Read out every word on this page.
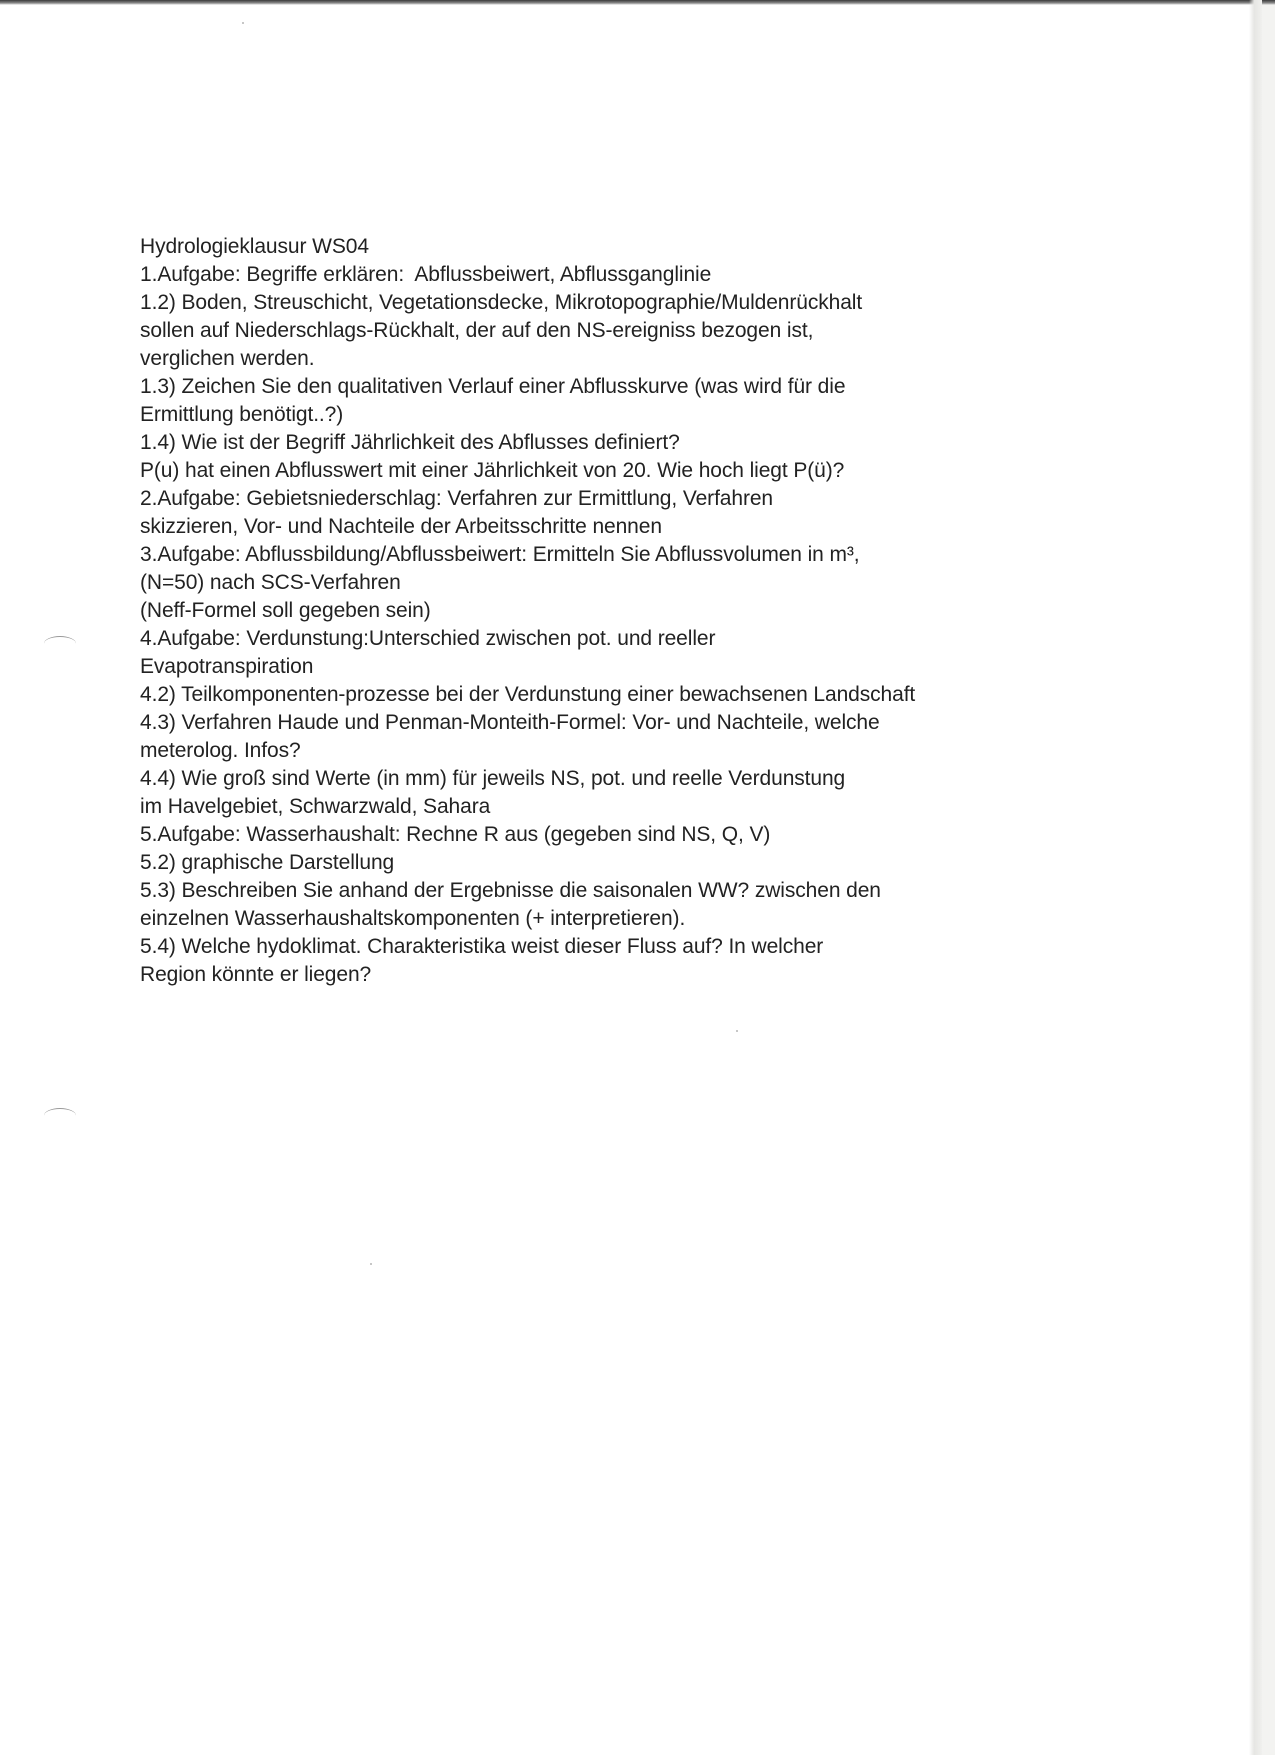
Hydrologieklausur WS04

1.Aufgabe: Begriffe erklären:  Abflussbeiwert, Abflussganglinie

1.2) Boden, Streuschicht, Vegetationsdecke, Mikrotopographie/Muldenrückhalt

sollen auf Niederschlags-Rückhalt, der auf den NS-ereigniss bezogen ist,

verglichen werden.

1.3) Zeichen Sie den qualitativen Verlauf einer Abflusskurve (was wird für die

Ermittlung benötigt..?)

1.4) Wie ist der Begriff Jährlichkeit des Abflusses definiert?

P(u) hat einen Abflusswert mit einer Jährlichkeit von 20. Wie hoch liegt P(ü)?

2.Aufgabe: Gebietsniederschlag: Verfahren zur Ermittlung, Verfahren

skizzieren, Vor- und Nachteile der Arbeitsschritte nennen

3.Aufgabe: Abflussbildung/Abflussbeiwert: Ermitteln Sie Abflussvolumen in m³,

(N=50) nach SCS-Verfahren

(Neff-Formel soll gegeben sein)

4.Aufgabe: Verdunstung:Unterschied zwischen pot. und reeller

Evapotranspiration

4.2) Teilkomponenten-prozesse bei der Verdunstung einer bewachsenen Landschaft

4.3) Verfahren Haude und Penman-Monteith-Formel: Vor- und Nachteile, welche

meterolog. Infos?

4.4) Wie groß sind Werte (in mm) für jeweils NS, pot. und reelle Verdunstung

im Havelgebiet, Schwarzwald, Sahara

5.Aufgabe: Wasserhaushalt: Rechne R aus (gegeben sind NS, Q, V)

5.2) graphische Darstellung

5.3) Beschreiben Sie anhand der Ergebnisse die saisonalen WW? zwischen den

einzelnen Wasserhaushaltskomponenten (+ interpretieren).

5.4) Welche hydoklimat. Charakteristika weist dieser Fluss auf? In welcher

Region könnte er liegen?
